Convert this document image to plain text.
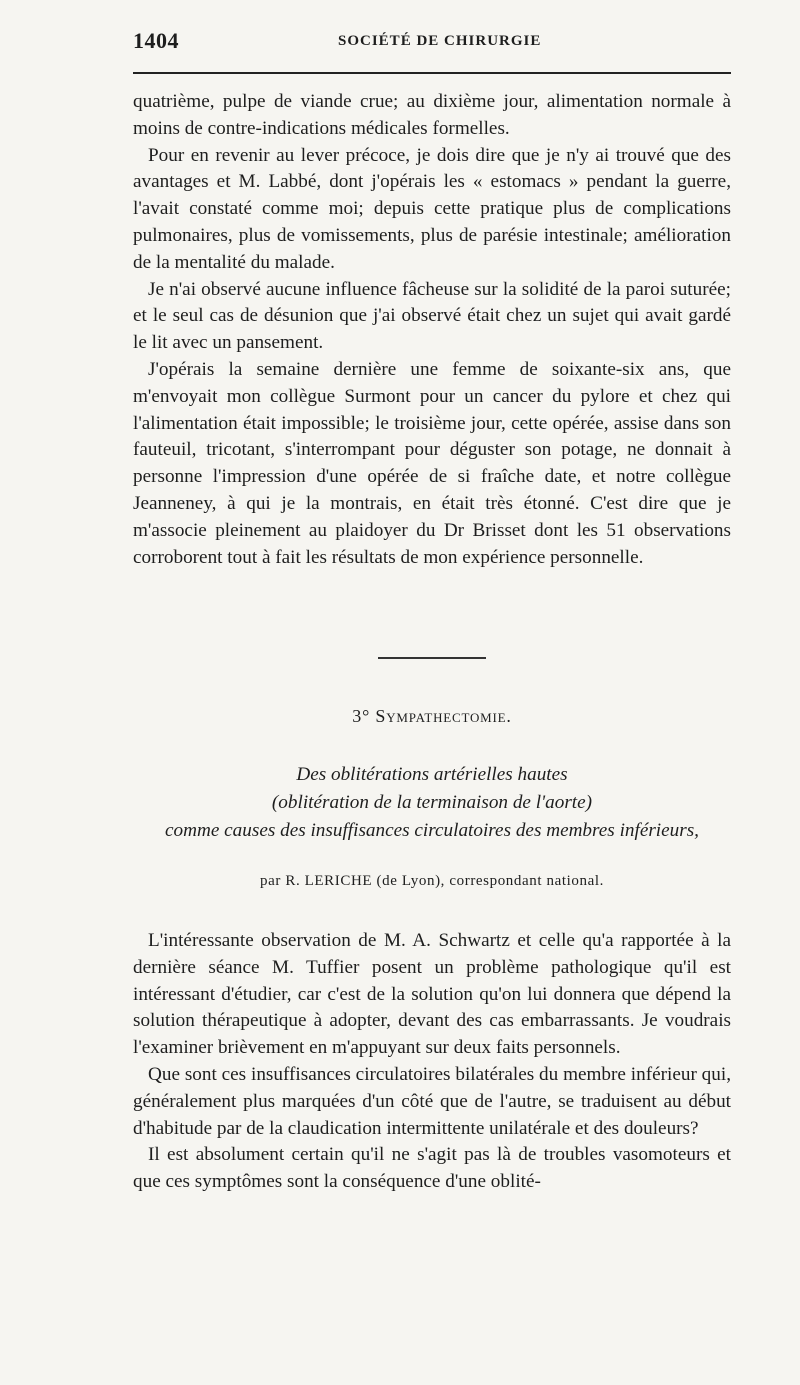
1404	SOCIÉTÉ DE CHIRURGIE

quatrième, pulpe de viande crue; au dixième jour, alimentation normale à moins de contre-indications médicales formelles.

Pour en revenir au lever précoce, je dois dire que je n'y ai trouvé que des avantages et M. Labbé, dont j'opérais les « estomacs » pendant la guerre, l'avait constaté comme moi; depuis cette pratique plus de complications pulmonaires, plus de vomissements, plus de parésie intestinale; amélioration de la mentalité du malade.

Je n'ai observé aucune influence fâcheuse sur la solidité de la paroi suturée; et le seul cas de désunion que j'ai observé était chez un sujet qui avait gardé le lit avec un pansement.

J'opérais la semaine dernière une femme de soixante-six ans, que m'envoyait mon collègue Surmont pour un cancer du pylore et chez qui l'alimentation était impossible; le troisième jour, cette opérée, assise dans son fauteuil, tricotant, s'interrompant pour déguster son potage, ne donnait à personne l'impression d'une opérée de si fraîche date, et notre collègue Jeanneney, à qui je la montrais, en était très étonné. C'est dire que je m'associe pleinement au plaidoyer du Dr Brisset dont les 51 observations corroborent tout à fait les résultats de mon expérience personnelle.

3° Sympathectomie.
Des oblitérations artérielles hautes
(oblitération de la terminaison de l'aorte)
comme causes des insuffisances circulatoires des membres inférieurs,
par R. LERICHE (de Lyon), correspondant national.

L'intéressante observation de M. A. Schwartz et celle qu'a rapportée à la dernière séance M. Tuffier posent un problème pathologique qu'il est intéressant d'étudier, car c'est de la solution qu'on lui donnera que dépend la solution thérapeutique à adopter, devant des cas embarrassants. Je voudrais l'examiner brièvement en m'appuyant sur deux faits personnels.

Que sont ces insuffisances circulatoires bilatérales du membre inférieur qui, généralement plus marquées d'un côté que de l'autre, se traduisent au début d'habitude par de la claudication intermittente unilatérale et des douleurs?

Il est absolument certain qu'il ne s'agit pas là de troubles vasomoteurs et que ces symptômes sont la conséquence d'une oblité-
